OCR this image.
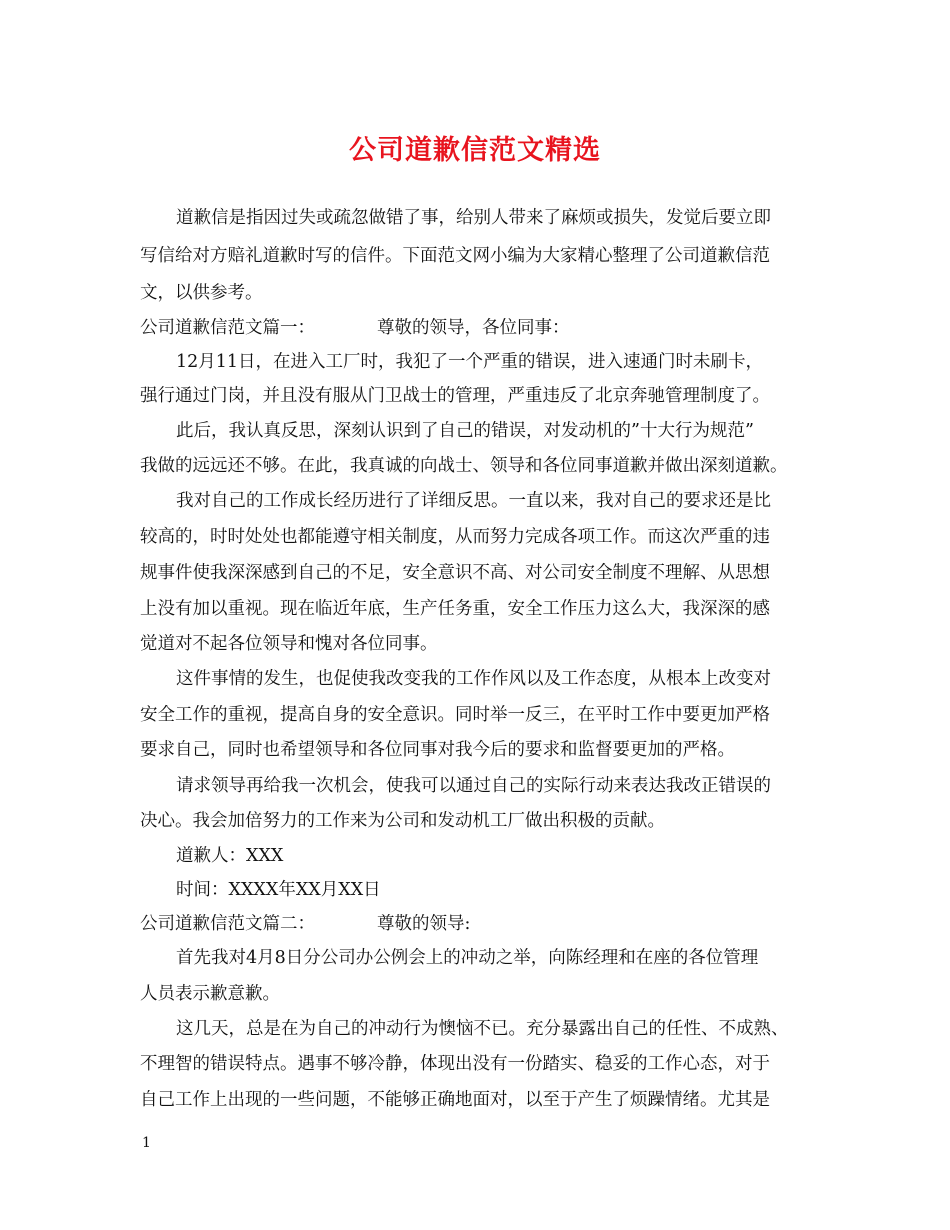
公司道歉信范文精选
道歉信是指因过失或疏忽做错了事，给别人带来了麻烦或损失，发觉后要立即
写信给对方赔礼道歉时写的信件。下面范文网小编为大家精心整理了公司道歉信范
文，以供参考。
公司道歉信范文篇一：	尊敬的领导，各位同事：
12月11日，在进入工厂时，我犯了一个严重的错误，进入速通门时未刷卡，
强行通过门岗，并且没有服从门卫战士的管理，严重违反了北京奔驰管理制度了。
此后，我认真反思，深刻认识到了自己的错误，对发动机的”十大行为规范”
我做的远远还不够。在此，我真诚的向战士、领导和各位同事道歉并做出深刻道歉。
我对自己的工作成长经历进行了详细反思。一直以来，我对自己的要求还是比
较高的，时时处处也都能遵守相关制度，从而努力完成各项工作。而这次严重的违
规事件使我深深感到自己的不足，安全意识不高、对公司安全制度不理解、从思想
上没有加以重视。现在临近年底，生产任务重，安全工作压力这么大，我深深的感
觉道对不起各位领导和愧对各位同事。
这件事情的发生，也促使我改变我的工作作风以及工作态度，从根本上改变对
安全工作的重视，提高自身的安全意识。同时举一反三，在平时工作中要更加严格
要求自己，同时也希望领导和各位同事对我今后的要求和监督要更加的严格。
请求领导再给我一次机会，使我可以通过自己的实际行动来表达我改正错误的
决心。我会加倍努力的工作来为公司和发动机工厂做出积极的贡献。
道歉人：XXX
时间：XXXX年XX月XX日
公司道歉信范文篇二：	尊敬的领导:
首先我对4月8日分公司办公例会上的冲动之举，向陈经理和在座的各位管理
人员表示歉意歉。
这几天，总是在为自己的冲动行为懊恼不已。充分暴露出自己的任性、不成熟、
不理智的错误特点。遇事不够冷静，体现出没有一份踏实、稳妥的工作心态，对于
自己工作上出现的一些问题，不能够正确地面对，以至于产生了烦躁情绪。尤其是
1
